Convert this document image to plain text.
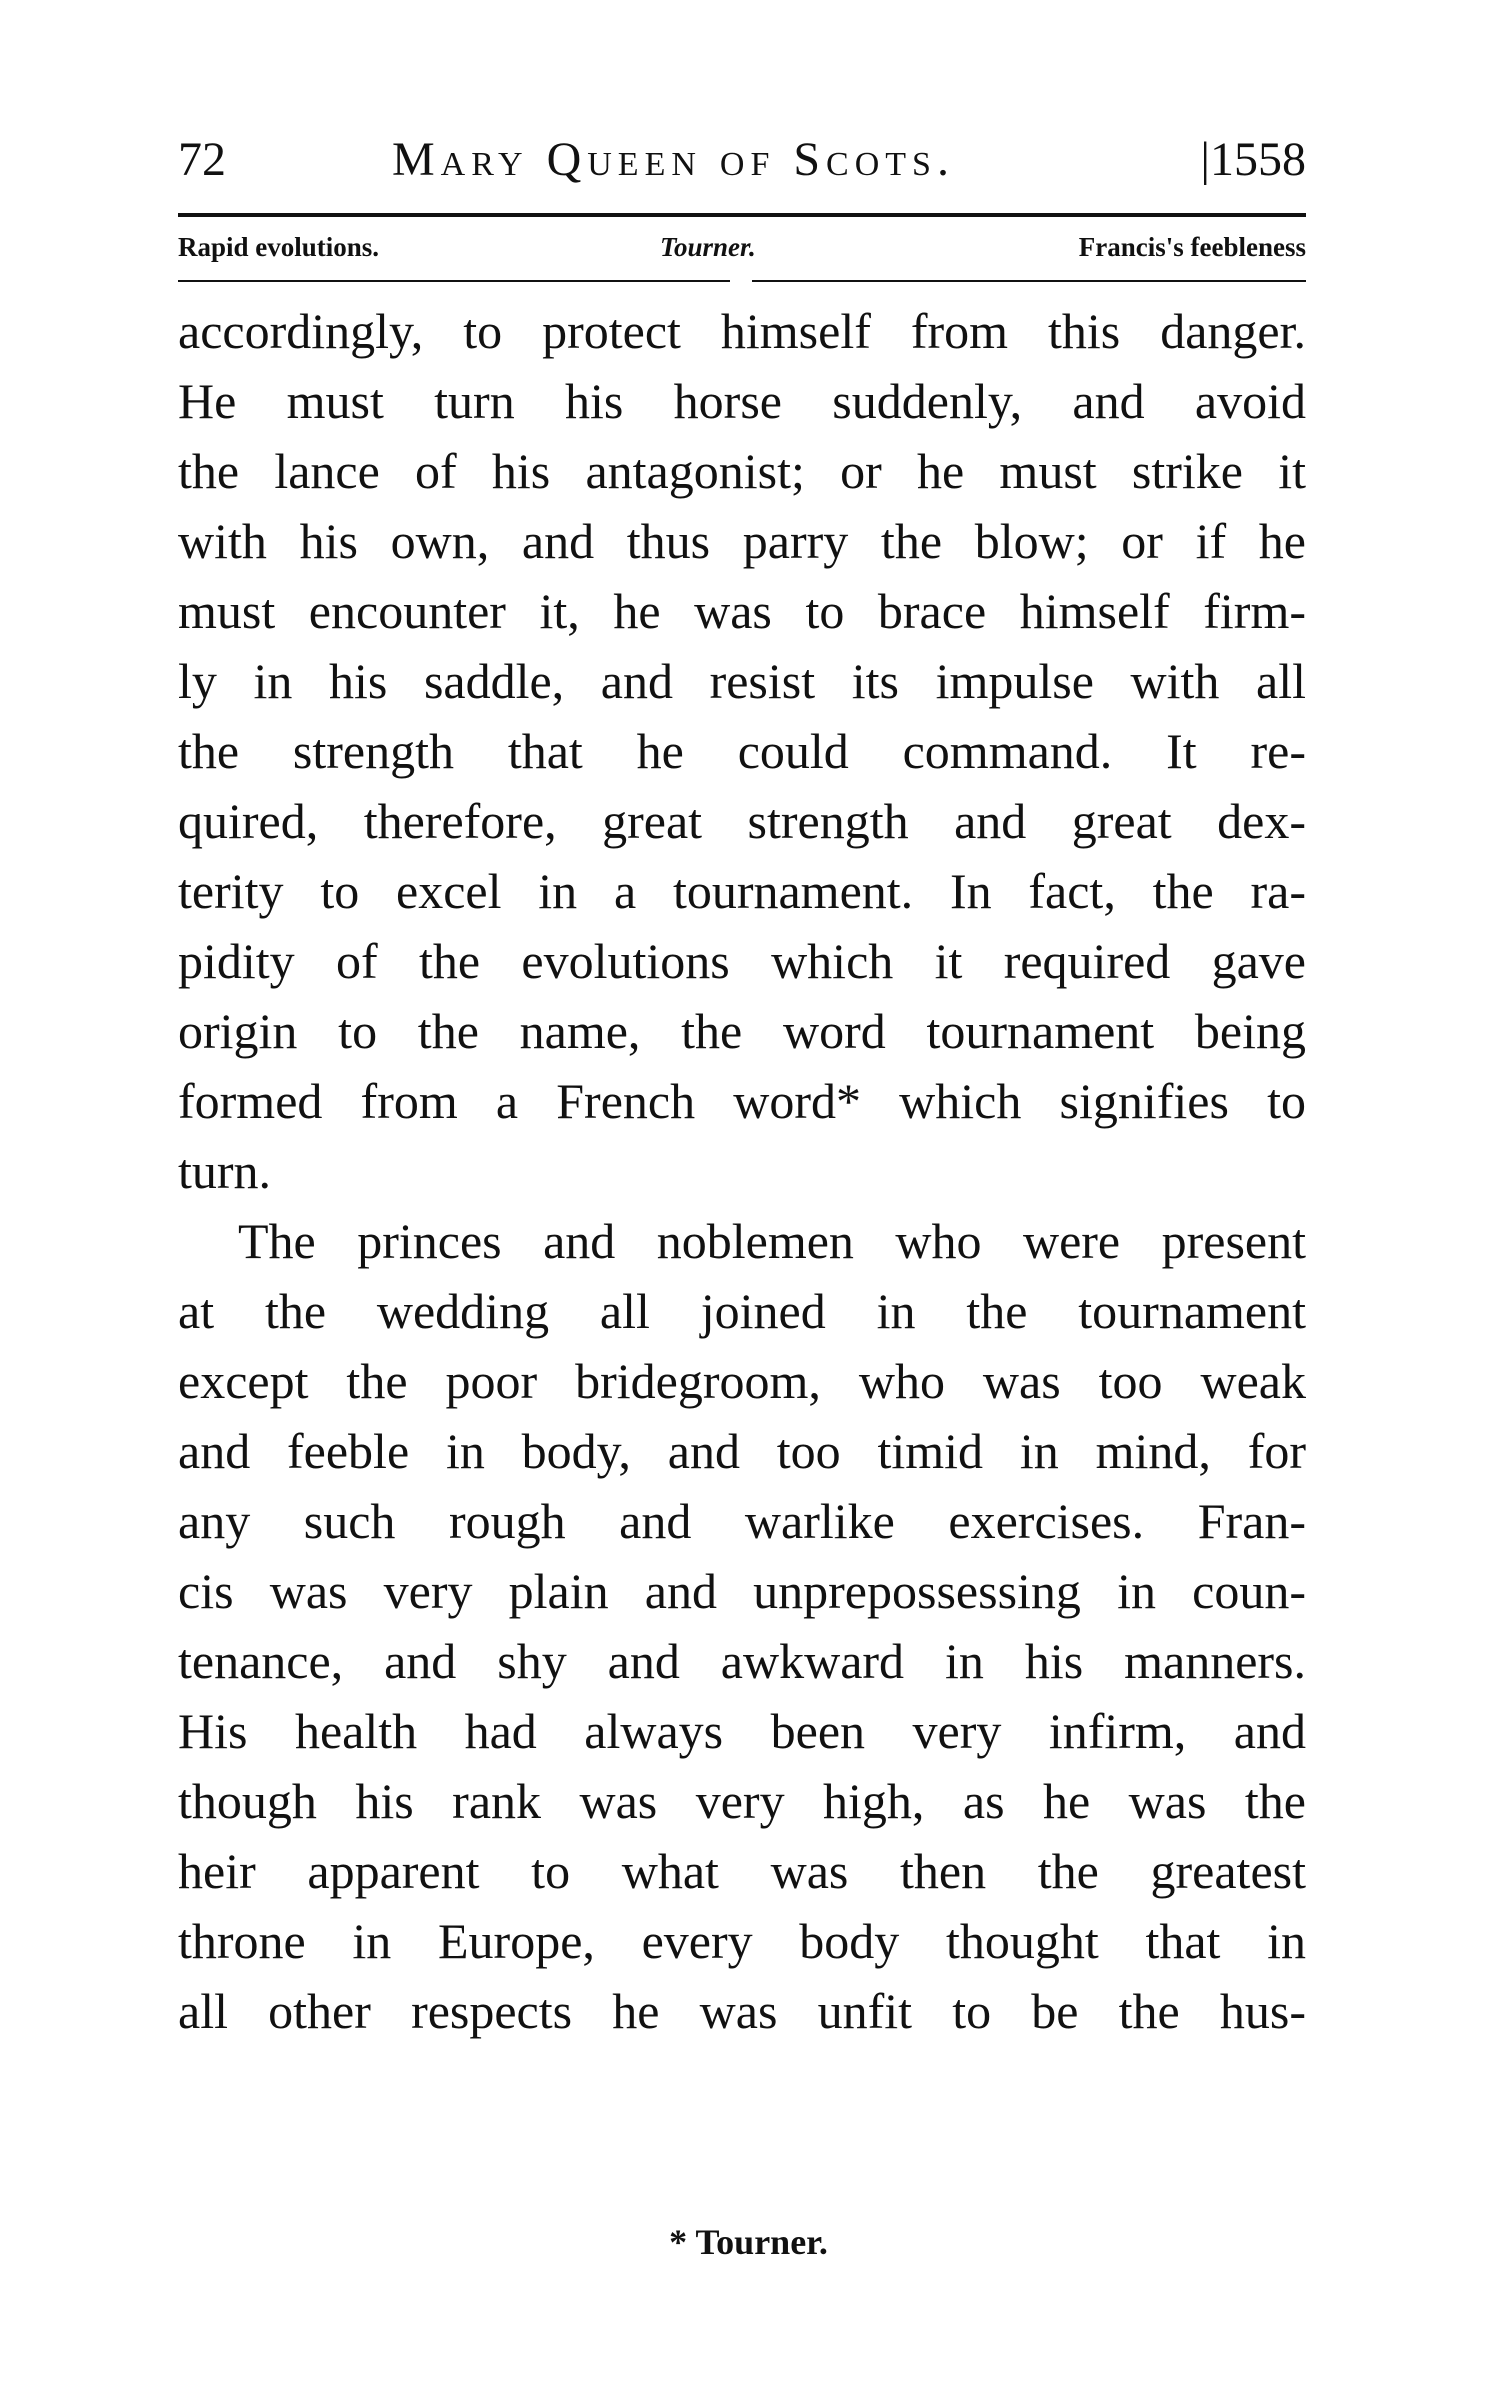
72	Mary Queen of Scots.	|1558
Rapid evolutions.	Tourner.	Francis's feebleness
accordingly, to protect himself from this danger.
He must turn his horse suddenly, and avoid
the lance of his antagonist; or he must strike it
with his own, and thus parry the blow; or if he
must encounter it, he was to brace himself firm-
ly in his saddle, and resist its impulse with all
the strength that he could command. It re-
quired, therefore, great strength and great dex-
terity to excel in a tournament. In fact, the ra-
pidity of the evolutions which it required gave
origin to the name, the word tournament being
formed from a French word* which signifies to
turn.
The princes and noblemen who were present
at the wedding all joined in the tournament
except the poor bridegroom, who was too weak
and feeble in body, and too timid in mind, for
any such rough and warlike exercises. Fran-
cis was very plain and unprepossessing in coun-
tenance, and shy and awkward in his manners.
His health had always been very infirm, and
though his rank was very high, as he was the
heir apparent to what was then the greatest
throne in Europe, every body thought that in
all other respects he was unfit to be the hus-
* Tourner.
